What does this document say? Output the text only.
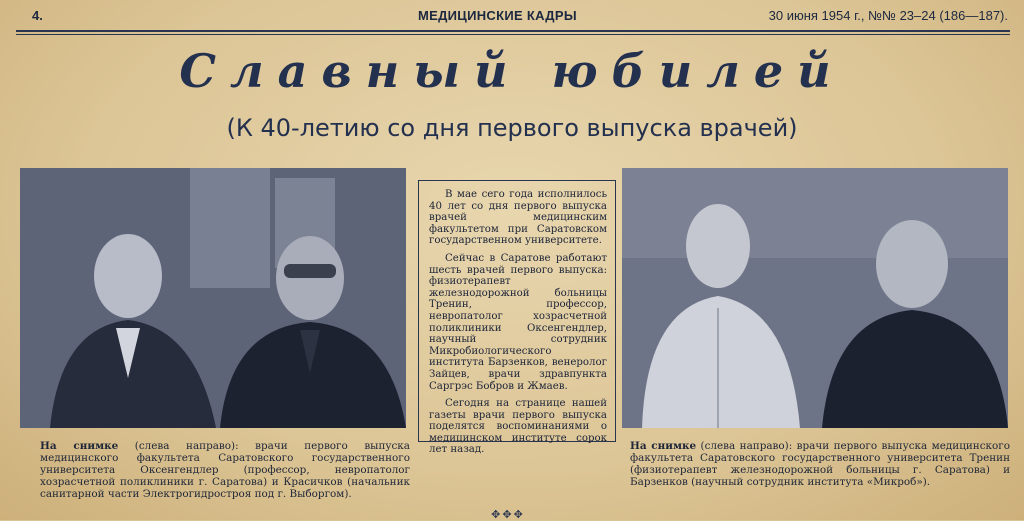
4.	МЕДИЦИНСКИЕ КАДРЫ	30 июня 1954 г., №№ 23–24 (186—187).
Славный юбилей
(К 40-летию со дня первого выпуска врачей)

В мае сего года исполнилось 40 лет со дня первого выпуска врачей медицинским факультетом при Саратовском государственном университете.

Сейчас в Саратове работают шесть врачей первого выпуска: физиотерапевт железнодорожной больницы Тренин, профессор, невропатолог хозрасчетной поликлиники Оксенгендлер, научный сотрудник Микробиологического института Барзенков, венеролог Зайцев, врачи здравпункта Саргрэс Бобров и Жмаев.

Сегодня на странице нашей газеты врачи первого выпуска поделятся воспоминаниями о медицинском институте сорок лет назад.

На снимке (слева направо): врачи первого выпуска медицинского факультета Саратовского государственного университета Оксенгендлер (профессор, невропатолог хозрасчетной поликлиники г. Саратова) и Красичков (начальник санитарной части Электрогидростроя под г. Выборгом).
На снимке (слева направо): врачи первого выпуска медицинского факультета Саратовского государственного университета Тренин (физиотерапевт железнодорожной больницы г. Саратова) и Барзенков (научный сотрудник института «Микроб»).
✥✥✥
